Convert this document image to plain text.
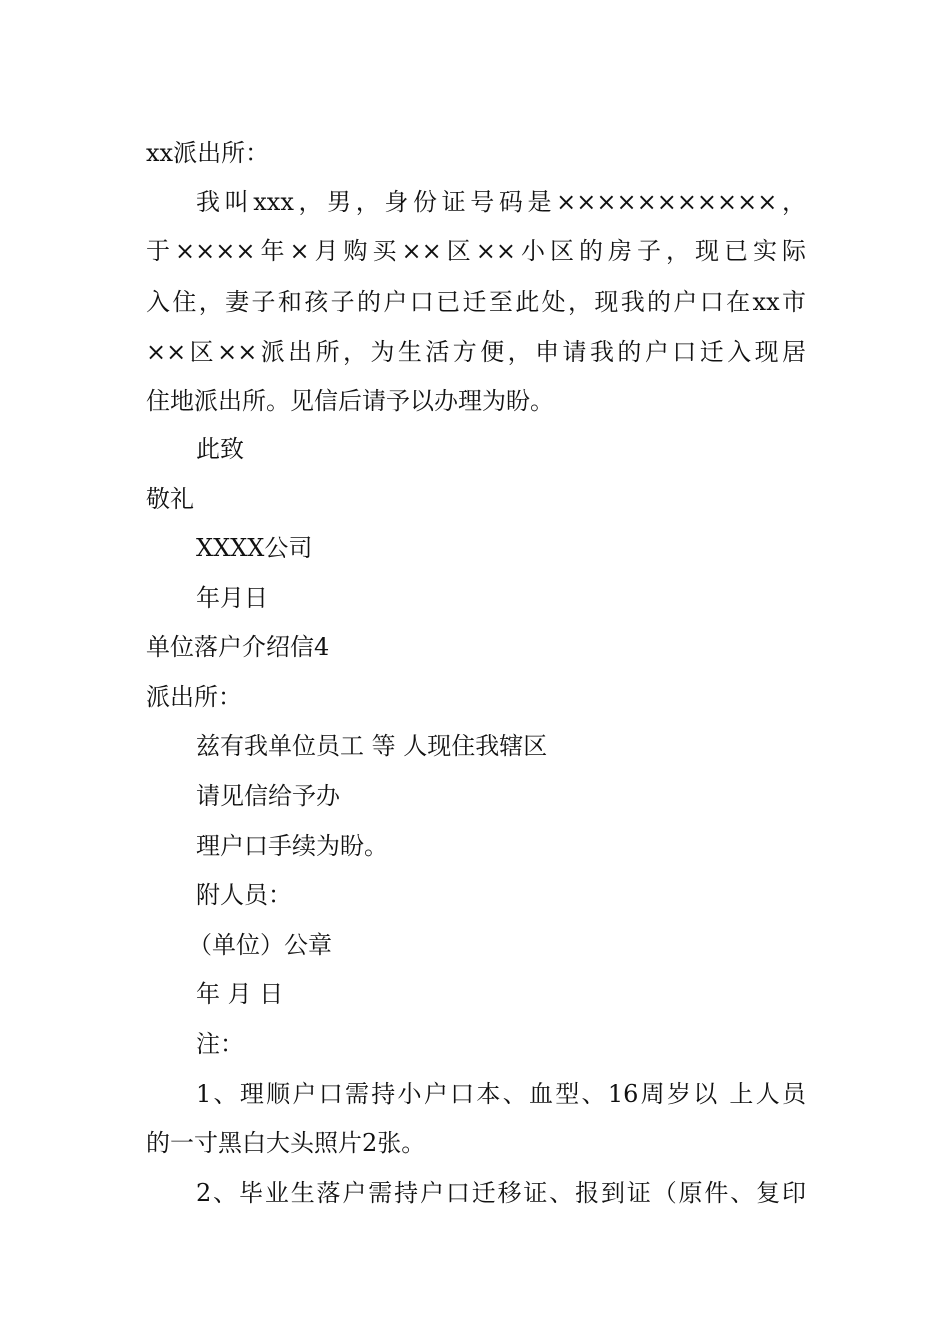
xx派出所：
我叫xxx，男，身份证号码是×××××××××××，
于××××年×月购买××区××小区的房子，现已实际
入住，妻子和孩子的户口已迁至此处，现我的户口在xx市
××区××派出所，为生活方便，申请我的户口迁入现居
住地派出所。见信后请予以办理为盼。
此致
敬礼
XXXX公司
年月日
单位落户介绍信4
派出所：
兹有我单位员工 等 人现住我辖区
请见信给予办
理户口手续为盼。
附人员：
（单位）公章
年 月 日
注：
1、理顺户口需持小户口本、血型、16周岁以 上人员
的一寸黑白大头照片2张。
2、毕业生落户需持户口迁移证、报到证（原件、复印
